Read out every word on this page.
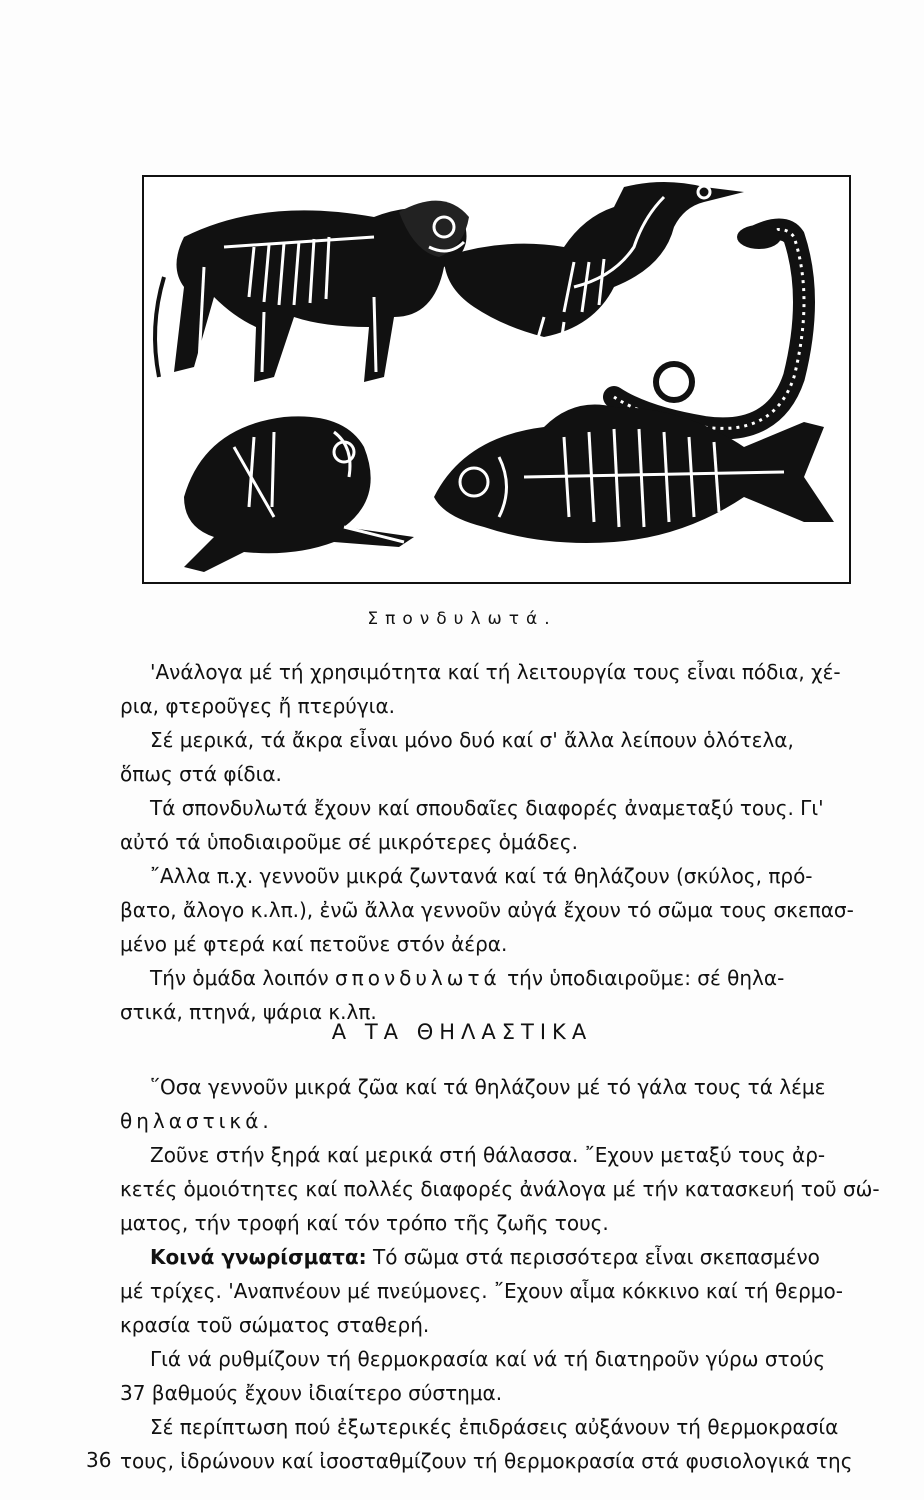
Σπονδυλωτά.

'Ανάλογα μέ τή χρησιμότητα καί τή λειτουργία τους εἶναι πόδια, χέ-

ρια, φτεροῦγες ἤ πτερύγια.

Σέ μερικά, τά ἄκρα εἶναι μόνο δυό καί σ' ἄλλα λείπουν ὁλότελα,

ὅπως στά φίδια.

Τά σπονδυλωτά ἔχουν καί σπουδαῖες διαφορές ἀναμεταξύ τους. Γι'

αὐτό τά ὑποδιαιροῦμε σέ μικρότερες ὁμάδες.

῎Αλλα π.χ. γεννοῦν μικρά ζωντανά καί τά θηλάζουν (σκύλος, πρό-

βατο, ἄλογο κ.λπ.), ἐνῶ ἄλλα γεννοῦν αὐγά ἔχουν τό σῶμα τους σκεπασ-

μένο μέ φτερά καί πετοῦνε στόν ἀέρα.

Τήν ὁμάδα λοιπόν σπονδυλωτά τήν ὑποδιαιροῦμε: σέ θηλα-

στικά, πτηνά, ψάρια κ.λπ.

Α ΤΑ ΘΗΛΑΣΤΙΚΑ

῞Οσα γεννοῦν μικρά ζῶα καί τά θηλάζουν μέ τό γάλα τους τά λέμε

θηλαστικά.

Ζοῦνε στήν ξηρά καί μερικά στή θάλασσα. ῎Εχουν μεταξύ τους ἀρ-

κετές ὁμοιότητες καί πολλές διαφορές ἀνάλογα μέ τήν κατασκευή τοῦ σώ-

ματος, τήν τροφή καί τόν τρόπο τῆς ζωῆς τους.

Κοινά γνωρίσματα: Τό σῶμα στά περισσότερα εἶναι σκεπασμένο

μέ τρίχες. 'Αναπνέουν μέ πνεύμονες. ῎Εχουν αἷμα κόκκινο καί τή θερμο-

κρασία τοῦ σώματος σταθερή.

Γιά νά ρυθμίζουν τή θερμοκρασία καί νά τή διατηροῦν γύρω στούς

37 βαθμούς ἔχουν ἰδιαίτερο σύστημα.

Σέ περίπτωση πού ἐξωτερικές ἐπιδράσεις αὐξάνουν τή θερμοκρασία

τους, ἱδρώνουν καί ἰσοσταθμίζουν τή θερμοκρασία στά φυσιολογικά της

36
